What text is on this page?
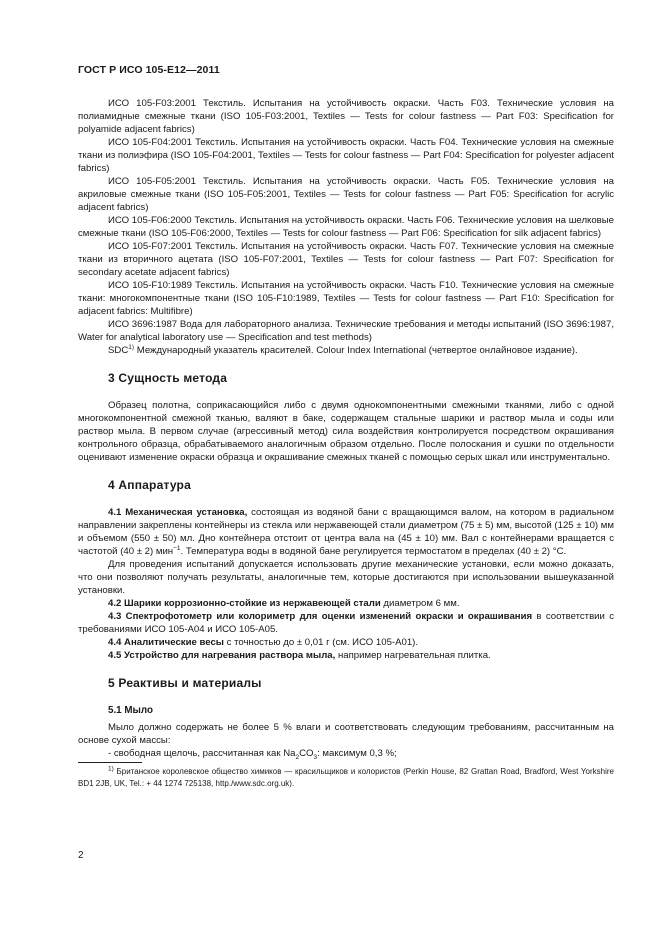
ГОСТ Р ИСО 105-E12—2011

ИСО 105-F03:2001 Текстиль. Испытания на устойчивость окраски. Часть F03. Технические условия на полиамидные смежные ткани (ISO 105-F03:2001, Textiles — Tests for colour fastness — Part F03: Specification for polyamide adjacent fabrics)

ИСО 105-F04:2001 Текстиль. Испытания на устойчивость окраски. Часть F04. Технические условия на смежные ткани из полиэфира (ISO 105-F04:2001, Textiles — Tests for colour fastness — Part F04: Specification for polyester adjacent fabrics)

ИСО 105-F05:2001 Текстиль. Испытания на устойчивость окраски. Часть F05. Технические условия на акриловые смежные ткани (ISO 105-F05:2001, Textiles — Tests for colour fastness — Part F05: Specification for acrylic adjacent fabrics)

ИСО 105-F06:2000 Текстиль. Испытания на устойчивость окраски. Часть F06. Технические условия на шелковые смежные ткани (ISO 105-F06:2000, Textiles — Tests for colour fastness — Part F06: Specification for silk adjacent fabrics)

ИСО 105-F07:2001 Текстиль. Испытания на устойчивость окраски. Часть F07. Технические условия на смежные ткани из вторичного ацетата (ISO 105-F07:2001, Textiles — Tests for colour fastness — Part F07: Specification for secondary acetate adjacent fabrics)

ИСО 105-F10:1989 Текстиль. Испытания на устойчивость окраски. Часть F10. Технические условия на смежные ткани: многокомпонентные ткани (ISO 105-F10:1989, Textiles — Tests for colour fastness — Part F10: Specification for adjacent fabrics: Multifibre)

ИСО 3696:1987 Вода для лабораторного анализа. Технические требования и методы испытаний (ISO 3696:1987, Water for analytical laboratory use — Specification and test methods)

SDC$^{1)}$ Международный указатель красителей. Colour Index International (четвертое онлайновое издание).

3 Сущность метода

Образец полотна, соприкасающийся либо с двумя однокомпонентными смежными тканями, либо с одной многокомпонентной смежной тканью, валяют в баке, содержащем стальные шарики и раствор мыла и соды или раствор мыла. В первом случае (агрессивный метод) сила воздействия контролируется посредством окрашивания контрольного образца, обрабатываемого аналогичным образом отдельно. После полоскания и сушки по отдельности оценивают изменение окраски образца и окрашивание смежных тканей с помощью серых шкал или инструментально.

4 Аппаратура

4.1 Механическая установка, состоящая из водяной бани с вращающимся валом, на котором в радиальном направлении закреплены контейнеры из стекла или нержавеющей стали диаметром (75 ± 5) мм, высотой (125 ± 10) мм и объемом (550 ± 50) мл. Дно контейнера отстоит от центра вала на (45 ± 10) мм. Вал с контейнерами вращается с частотой (40 ± 2) мин$^{-1}$. Температура воды в водяной бане регулируется термостатом в пределах (40 ± 2) °С.

Для проведения испытаний допускается использовать другие механические установки, если можно доказать, что они позволяют получать результаты, аналогичные тем, которые достигаются при использовании вышеуказанной установки.

4.2 Шарики коррозионно-стойкие из нержавеющей стали диаметром 6 мм.

4.3 Спектрофотометр или колориметр для оценки изменений окраски и окрашивания в соответствии с требованиями ИСО 105-A04 и ИСО 105-A05.

4.4 Аналитические весы с точностью до ± 0,01 г (см. ИСО 105-A01).

4.5 Устройство для нагревания раствора мыла, например нагревательная плитка.

5 Реактивы и материалы

5.1 Мыло

Мыло должно содержать не более 5 % влаги и соответствовать следующим требованиям, рассчитанным на основе сухой массы:

- свободная щелочь, рассчитанная как $Na_2CO_3$: максимум 0,3 %;

$^{1)}$ Британское королевское общество химиков — красильщиков и колористов (Perkin House, 82 Grattan Road, Bradford, West Yorkshire BD1 2JB, UK, Tel.: + 44 1274 725138, http./www.sdc.org.uk).

2
